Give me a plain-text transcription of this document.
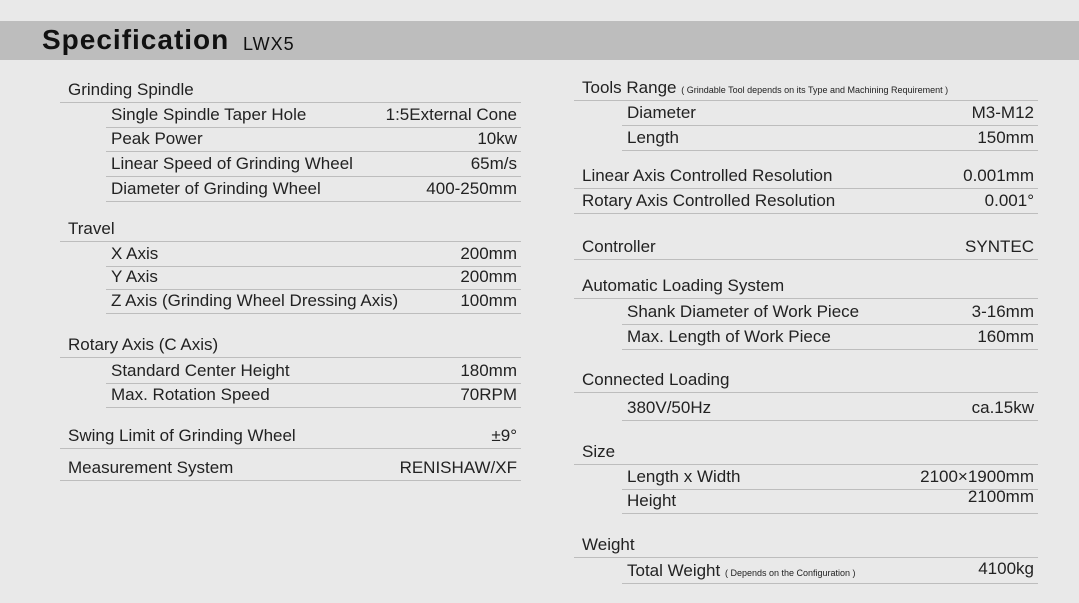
Specification LWX5
Grinding Spindle
Single Spindle Taper Hole	1:5External Cone
Peak Power	10kw
Linear Speed of Grinding Wheel	65m/s
Diameter of Grinding Wheel	400-250mm
Travel
X Axis	200mm
Y Axis	200mm
Z Axis (Grinding Wheel Dressing Axis)	100mm
Rotary Axis (C Axis)
Standard Center Height	180mm
Max. Rotation Speed	70RPM
Swing Limit of Grinding Wheel	±9°
Measurement System	RENISHAW/XF
Tools Range ( Grindable Tool depends on its Type and Machining Requirement )
Diameter	M3-M12
Length	150mm
Linear Axis Controlled Resolution	0.001mm
Rotary Axis Controlled Resolution	0.001°
Controller	SYNTEC
Automatic Loading System
Shank Diameter of Work Piece	3-16mm
Max. Length of Work Piece	160mm
Connected Loading
380V/50Hz	ca.15kw
Size
Length x Width	2100×1900mm
Height	2100mm
Weight
Total Weight ( Depends on the Configuration )	4100kg
